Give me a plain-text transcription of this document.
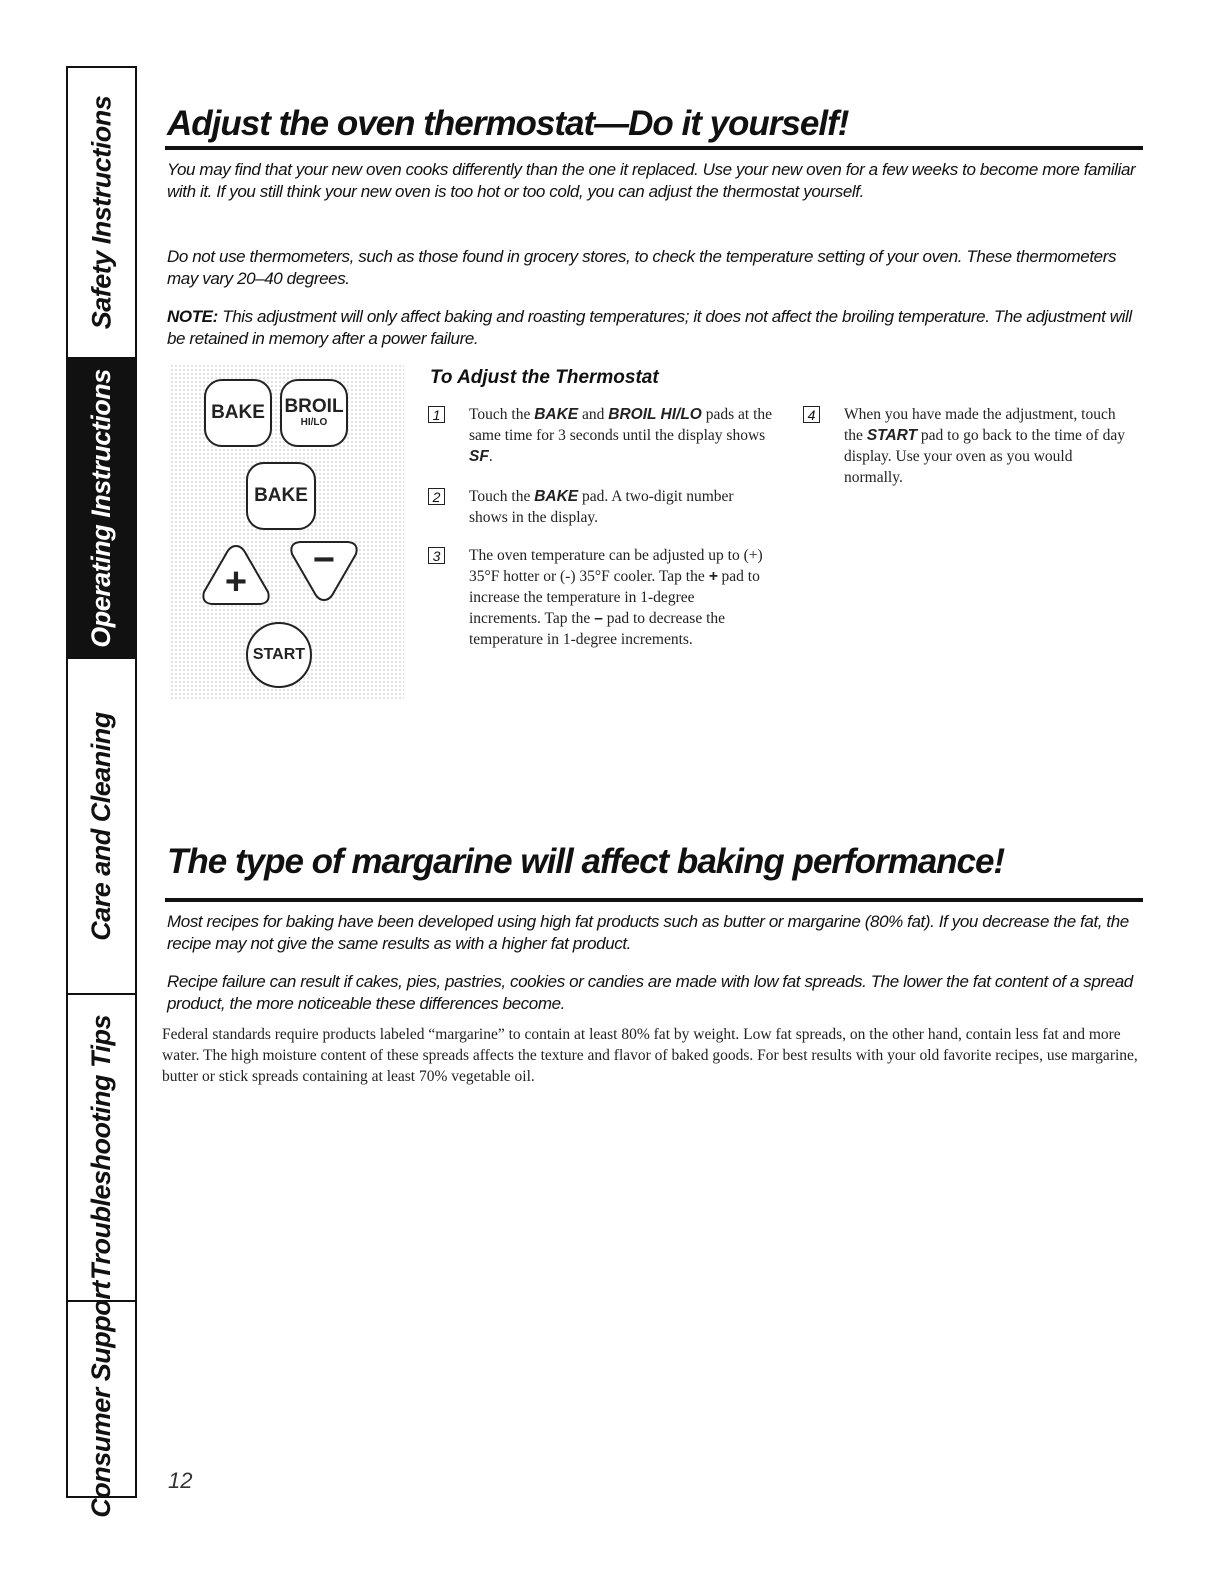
Safety Instructions
Operating Instructions
Care and Cleaning
Troubleshooting Tips
Consumer Support
Adjust the oven thermostat—Do it yourself!

You may find that your new oven cooks differently than the one it replaced. Use your new oven for a few weeks to become more familiar with it. If you still think your new oven is too hot or too cold, you can adjust the thermostat yourself.

Do not use thermometers, such as those found in grocery stores, to check the temperature setting of your oven. These thermometers may vary 20–40 degrees.

NOTE: This adjustment will only affect baking and roasting temperatures; it does not affect the broiling temperature. The adjustment will be retained in memory after a power failure.

BAKE BROIL
HI/LO
BAKE
+
−
START
To Adjust the Thermostat
1 Touch the BAKE and BROIL HI/LO pads at the same time for 3 seconds until the display shows SF.

2 Touch the BAKE pad. A two-digit number shows in the display.

3 The oven temperature can be adjusted up to (+) 35°F hotter or (-) 35°F cooler. Tap the + pad to increase the temperature in 1-degree increments. Tap the – pad to decrease the temperature in 1-degree increments.

4 When you have made the adjustment, touch the START pad to go back to the time of day display. Use your oven as you would normally.

The type of margarine will affect baking performance!

Most recipes for baking have been developed using high fat products such as butter or margarine (80% fat). If you decrease the fat, the recipe may not give the same results as with a higher fat product.

Recipe failure can result if cakes, pies, pastries, cookies or candies are made with low fat spreads. The lower the fat content of a spread product, the more noticeable these differences become.

Federal standards require products labeled “margarine” to contain at least 80% fat by weight. Low fat spreads, on the other hand, contain less fat and more water. The high moisture content of these spreads affects the texture and flavor of baked goods. For best results with your old favorite recipes, use margarine, butter or stick spreads containing at least 70% vegetable oil.

12
